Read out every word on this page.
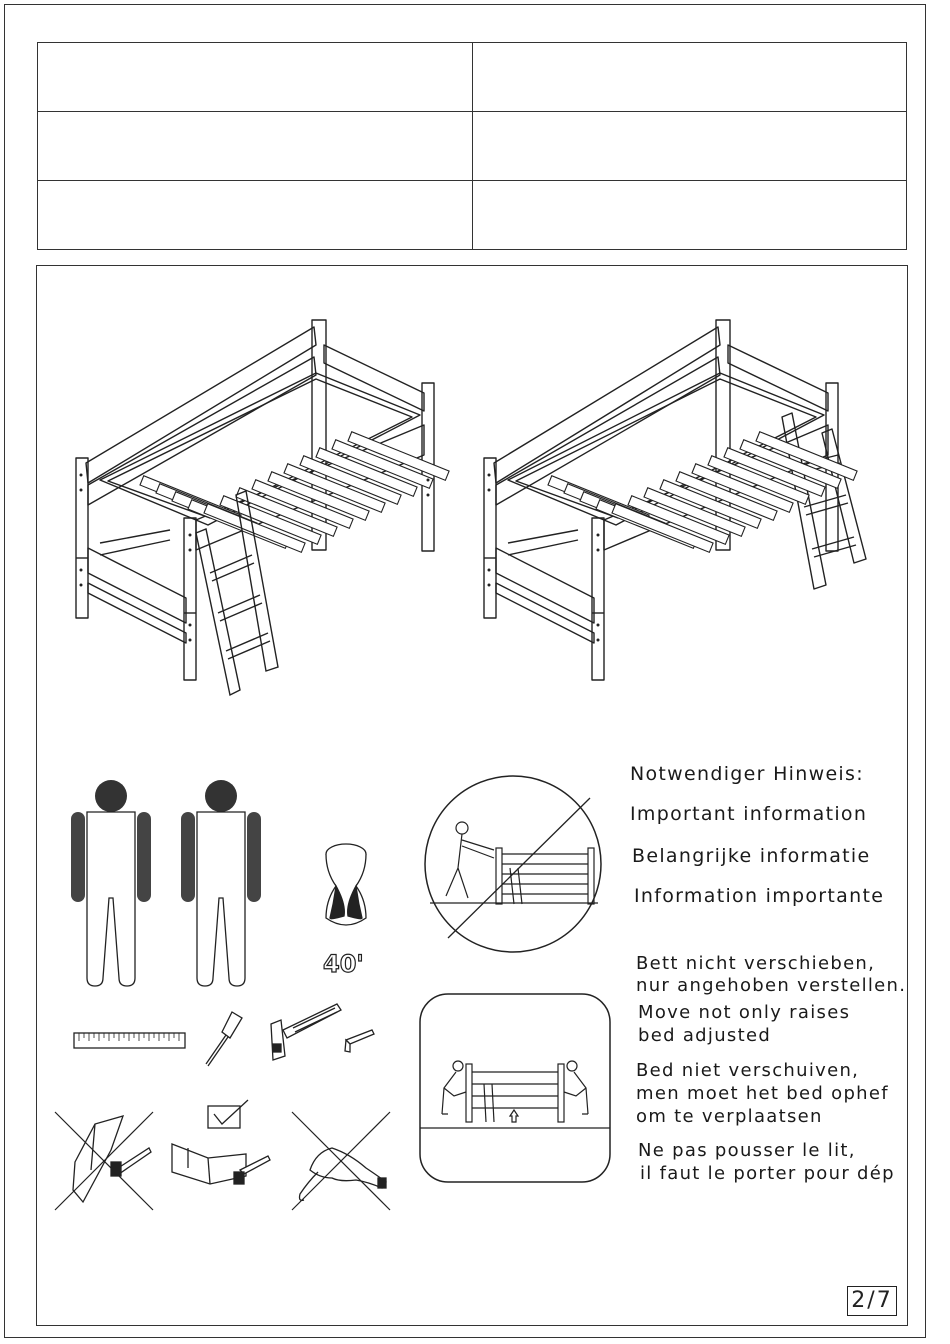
40'
Notwendiger Hinweis:
Important information
Belangrijke informatie
Information importante
Bett nicht verschieben,
nur angehoben verstellen.
Move not only raises
bed adjusted
Bed niet verschuiven,
men moet het bed ophef
om te verplaatsen
Ne pas pousser le lit,
il faut le porter pour dép
2/7
